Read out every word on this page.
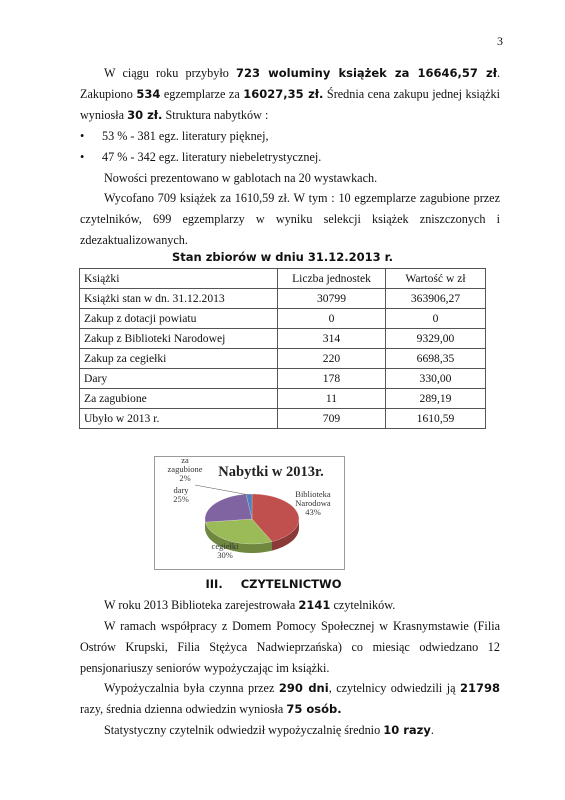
3
W ciągu roku przybyło 723 woluminy książek za 16646,57 zł. Zakupiono 534 egzemplarze za 16027,35 zł. Średnia cena zakupu jednej książki wyniosła 30 zł. Struktura nabytków :
• 53 % - 381 egz. literatury pięknej,
• 47 % - 342 egz. literatury niebeletrystycznej.
Nowości prezentowano w gablotach na 20 wystawkach.
Wycofano 709 książek za 1610,59 zł. W tym : 10 egzemplarze zagubione przez czytelników, 699 egzemplarzy w wyniku selekcji książek zniszczonych i zdezaktualizowanych.
Stan zbiorów w dniu 31.12.2013 r.
Książki	Liczba jednostek	Wartość w zł
Książki stan w dn. 31.12.2013	30799	363906,27
Zakup z dotacji powiatu	0	0
Zakup z Biblioteki Narodowej	314	9329,00
Zakup za cegiełki	220	6698,35
Dary	178	330,00
Za zagubione	11	289,19
Ubyło w 2013 r.	709	1610,59
Nabytki w 2013r.
Biblioteka Narodowa 43%
cegiełki 30%
dary 25%
za zagubione 2%
III. CZYTELNICTWO
W roku 2013 Biblioteka zarejestrowała 2141 czytelników.
W ramach współpracy z Domem Pomocy Społecznej w Krasnymstawie (Filia Ostrów Krupski, Filia Stężyca Nadwieprzańska) co miesiąc odwiedzano 12 pensjonariuszy seniorów wypożyczając im książki.
Wypożyczalnia była czynna przez 290 dni, czytelnicy odwiedzili ją 21798 razy, średnia dzienna odwiedzin wyniosła 75 osób.
Statystyczny czytelnik odwiedził wypożyczalnię średnio 10 razy.
